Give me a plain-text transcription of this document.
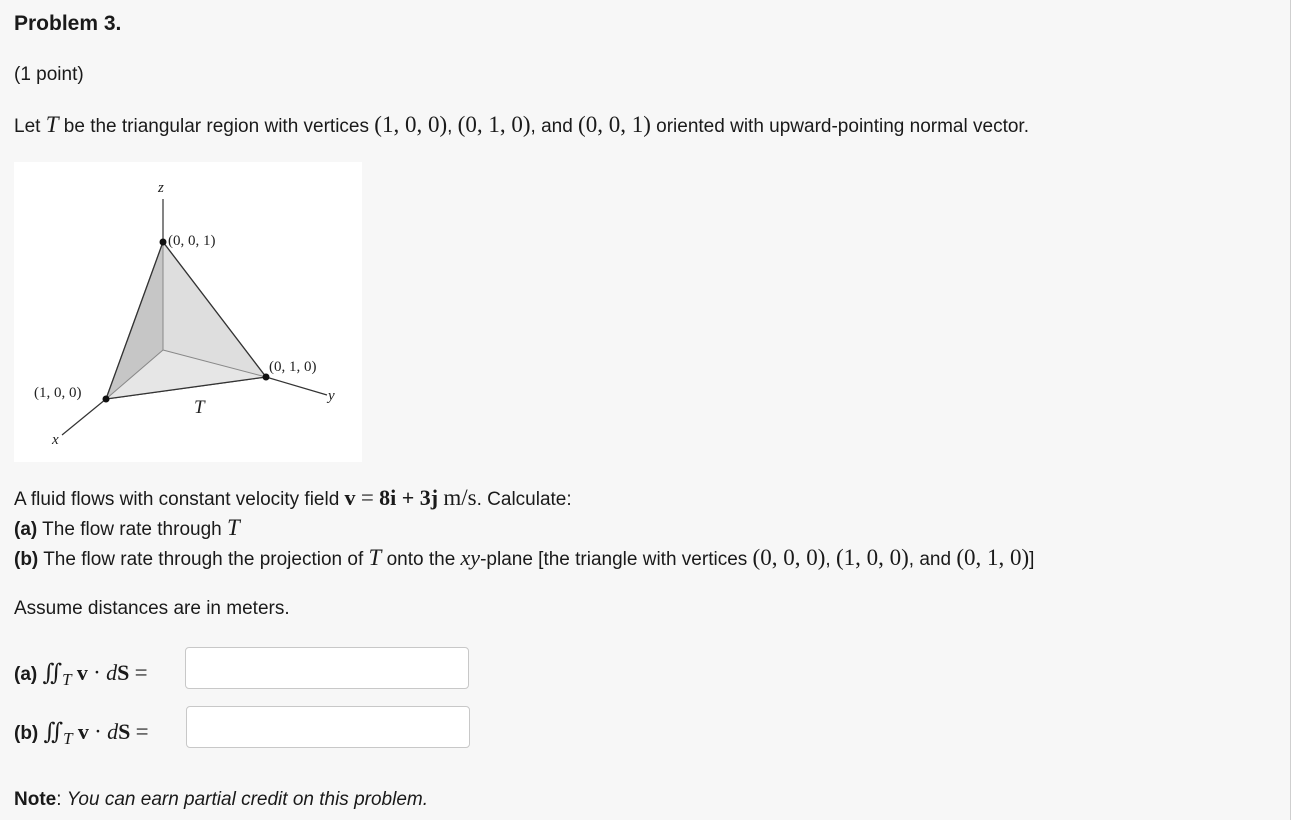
Problem 3.
(1 point)
Let T be the triangular region with vertices (1, 0, 0), (0, 1, 0), and (0, 0, 1) oriented with upward-pointing normal vector.
z
(0, 0, 1)
(0, 1, 0)
(1, 0, 0)	y
x
T
A fluid flows with constant velocity field v = 8i + 3j m/s. Calculate:
(a) The flow rate through T
(b) The flow rate through the projection of T onto the xy-plane [the triangle with vertices (0, 0, 0), (1, 0, 0), and (0, 1, 0)]
Assume distances are in meters.
(a) $∬_T$ v · dS =
(b) $∬_T$ v · dS =
Note: You can earn partial credit on this problem.
